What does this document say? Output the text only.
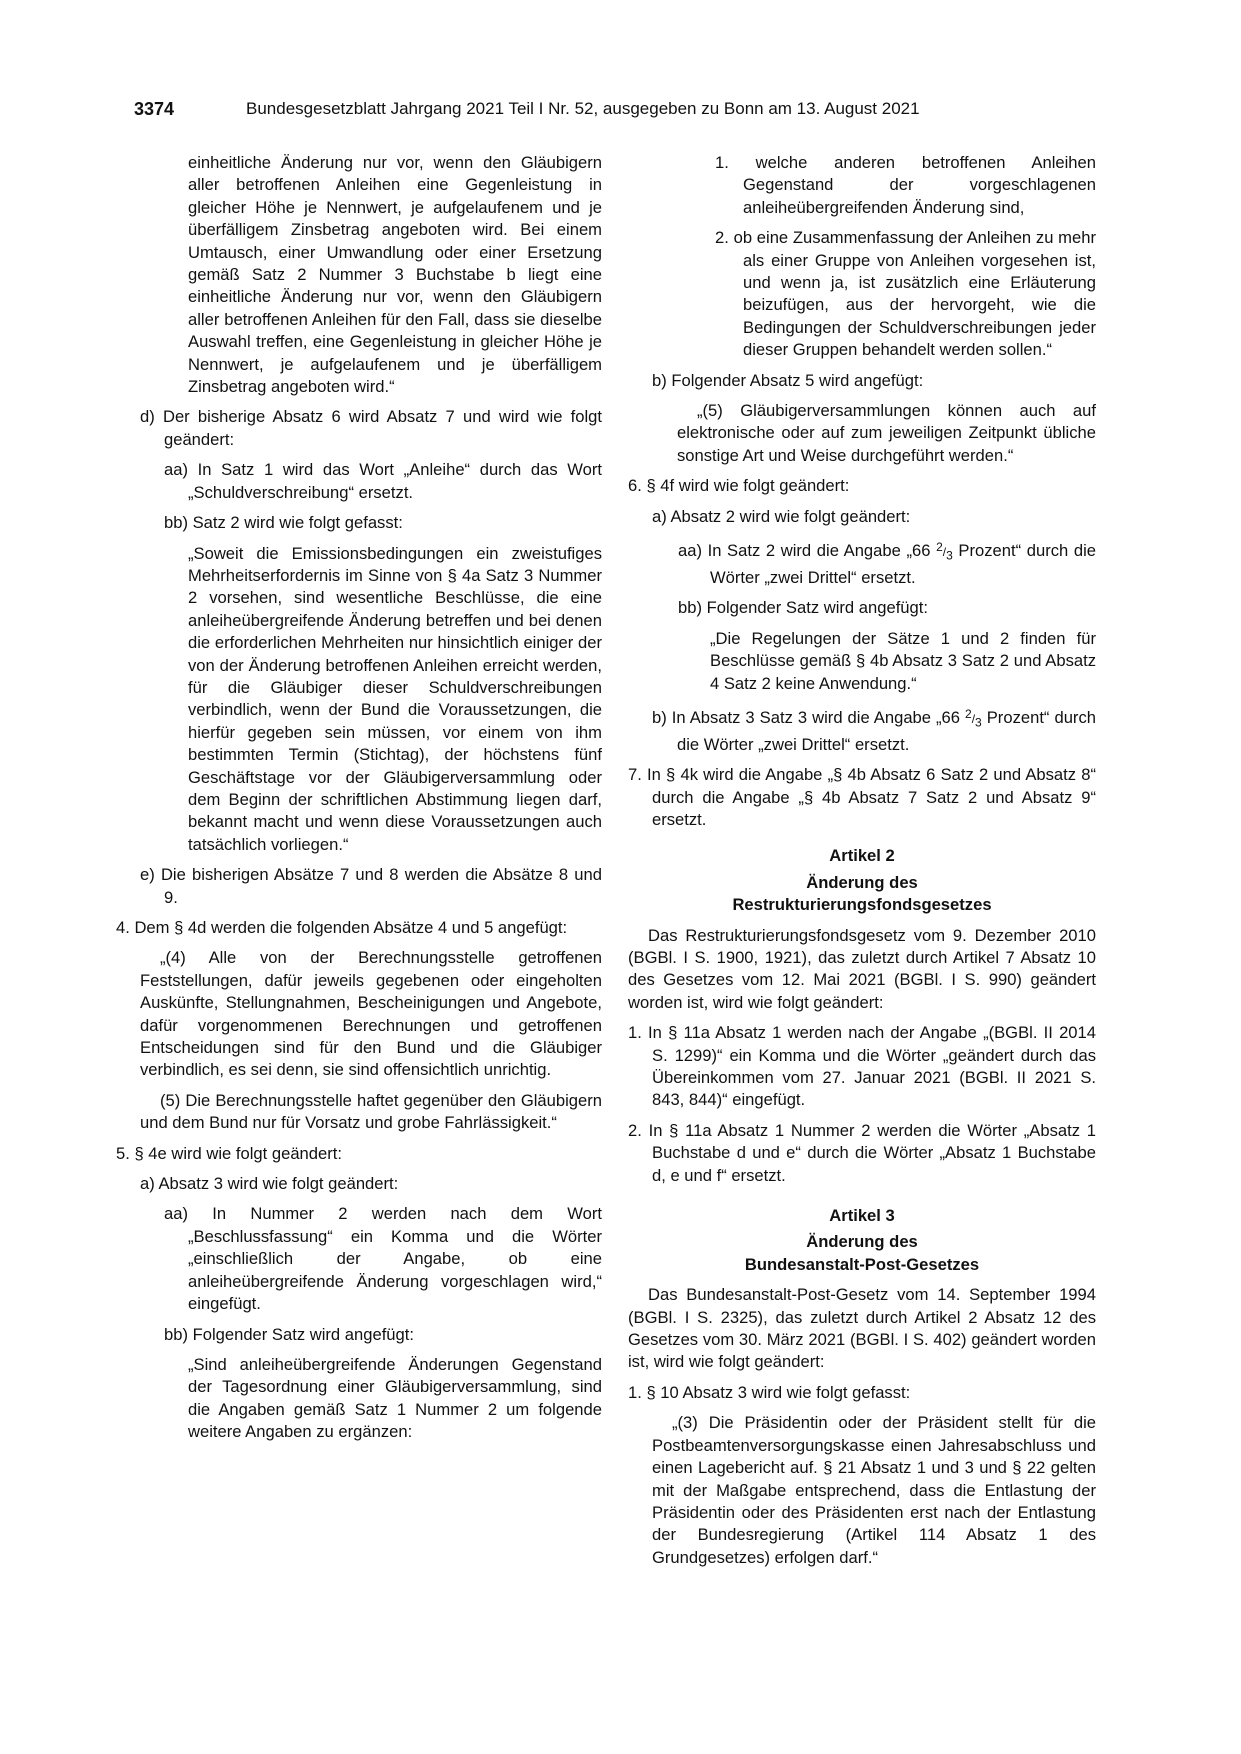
3374	Bundesgesetzblatt Jahrgang 2021 Teil I Nr. 52, ausgegeben zu Bonn am 13. August 2021

einheitliche Änderung nur vor, wenn den Gläubigern aller betroffenen Anleihen eine Gegenleistung in gleicher Höhe je Nennwert, je aufgelaufenem und je überfälligem Zinsbetrag angeboten wird. Bei einem Umtausch, einer Umwandlung oder einer Ersetzung gemäß Satz 2 Nummer 3 Buchstabe b liegt eine einheitliche Änderung nur vor, wenn den Gläubigern aller betroffenen Anleihen für den Fall, dass sie dieselbe Auswahl treffen, eine Gegenleistung in gleicher Höhe je Nennwert, je aufgelaufenem und je überfälligem Zinsbetrag angeboten wird.“

d) Der bisherige Absatz 6 wird Absatz 7 und wird wie folgt geändert:

aa) In Satz 1 wird das Wort „Anleihe“ durch das Wort „Schuldverschreibung“ ersetzt.

bb) Satz 2 wird wie folgt gefasst:

„Soweit die Emissionsbedingungen ein zweistufiges Mehrheitserfordernis im Sinne von § 4a Satz 3 Nummer 2 vorsehen, sind wesentliche Beschlüsse, die eine anleiheübergreifende Änderung betreffen und bei denen die erforderlichen Mehrheiten nur hinsichtlich einiger der von der Änderung betroffenen Anleihen erreicht werden, für die Gläubiger dieser Schuldverschreibungen verbindlich, wenn der Bund die Voraussetzungen, die hierfür gegeben sein müssen, vor einem von ihm bestimmten Termin (Stichtag), der höchstens fünf Geschäftstage vor der Gläubigerversammlung oder dem Beginn der schriftlichen Abstimmung liegen darf, bekannt macht und wenn diese Voraussetzungen auch tatsächlich vorliegen.“

e) Die bisherigen Absätze 7 und 8 werden die Absätze 8 und 9.

4. Dem § 4d werden die folgenden Absätze 4 und 5 angefügt:

„(4) Alle von der Berechnungsstelle getroffenen Feststellungen, dafür jeweils gegebenen oder eingeholten Auskünfte, Stellungnahmen, Bescheinigungen und Angebote, dafür vorgenommenen Berechnungen und getroffenen Entscheidungen sind für den Bund und die Gläubiger verbindlich, es sei denn, sie sind offensichtlich unrichtig.

(5) Die Berechnungsstelle haftet gegenüber den Gläubigern und dem Bund nur für Vorsatz und grobe Fahrlässigkeit.“

5. § 4e wird wie folgt geändert:

a) Absatz 3 wird wie folgt geändert:

aa) In Nummer 2 werden nach dem Wort „Beschlussfassung“ ein Komma und die Wörter „einschließlich der Angabe, ob eine anleiheübergreifende Änderung vorgeschlagen wird,“ eingefügt.

bb) Folgender Satz wird angefügt:

„Sind anleiheübergreifende Änderungen Gegenstand der Tagesordnung einer Gläubigerversammlung, sind die Angaben gemäß Satz 1 Nummer 2 um folgende weitere Angaben zu ergänzen:

1. welche anderen betroffenen Anleihen Gegenstand der vorgeschlagenen anleiheübergreifenden Änderung sind,

2. ob eine Zusammenfassung der Anleihen zu mehr als einer Gruppe von Anleihen vorgesehen ist, und wenn ja, ist zusätzlich eine Erläuterung beizufügen, aus der hervorgeht, wie die Bedingungen der Schuldverschreibungen jeder dieser Gruppen behandelt werden sollen.“

b) Folgender Absatz 5 wird angefügt:

„(5) Gläubigerversammlungen können auch auf elektronische oder auf zum jeweiligen Zeitpunkt übliche sonstige Art und Weise durchgeführt werden.“

6. § 4f wird wie folgt geändert:

a) Absatz 2 wird wie folgt geändert:

aa) In Satz 2 wird die Angabe „66 $^2/_3$ Prozent“ durch die Wörter „zwei Drittel“ ersetzt.

bb) Folgender Satz wird angefügt:

„Die Regelungen der Sätze 1 und 2 finden für Beschlüsse gemäß § 4b Absatz 3 Satz 2 und Absatz 4 Satz 2 keine Anwendung.“

b) In Absatz 3 Satz 3 wird die Angabe „66 $^2/_3$ Prozent“ durch die Wörter „zwei Drittel“ ersetzt.

7. In § 4k wird die Angabe „§ 4b Absatz 6 Satz 2 und Absatz 8“ durch die Angabe „§ 4b Absatz 7 Satz 2 und Absatz 9“ ersetzt.

Artikel 2
Änderung des
Restrukturierungsfondsgesetzes

Das Restrukturierungsfondsgesetz vom 9. Dezember 2010 (BGBl. I S. 1900, 1921), das zuletzt durch Artikel 7 Absatz 10 des Gesetzes vom 12. Mai 2021 (BGBl. I S. 990) geändert worden ist, wird wie folgt geändert:

1. In § 11a Absatz 1 werden nach der Angabe „(BGBl. II 2014 S. 1299)“ ein Komma und die Wörter „geändert durch das Übereinkommen vom 27. Januar 2021 (BGBl. II 2021 S. 843, 844)“ eingefügt.

2. In § 11a Absatz 1 Nummer 2 werden die Wörter „Absatz 1 Buchstabe d und e“ durch die Wörter „Absatz 1 Buchstabe d, e und f“ ersetzt.

Artikel 3
Änderung des
Bundesanstalt-Post-Gesetzes

Das Bundesanstalt-Post-Gesetz vom 14. September 1994 (BGBl. I S. 2325), das zuletzt durch Artikel 2 Absatz 12 des Gesetzes vom 30. März 2021 (BGBl. I S. 402) geändert worden ist, wird wie folgt geändert:

1. § 10 Absatz 3 wird wie folgt gefasst:

„(3) Die Präsidentin oder der Präsident stellt für die Postbeamtenversorgungskasse einen Jahresabschluss und einen Lagebericht auf. § 21 Absatz 1 und 3 und § 22 gelten mit der Maßgabe entsprechend, dass die Entlastung der Präsidentin oder des Präsidenten erst nach der Entlastung der Bundesregierung (Artikel 114 Absatz 1 des Grundgesetzes) erfolgen darf.“
